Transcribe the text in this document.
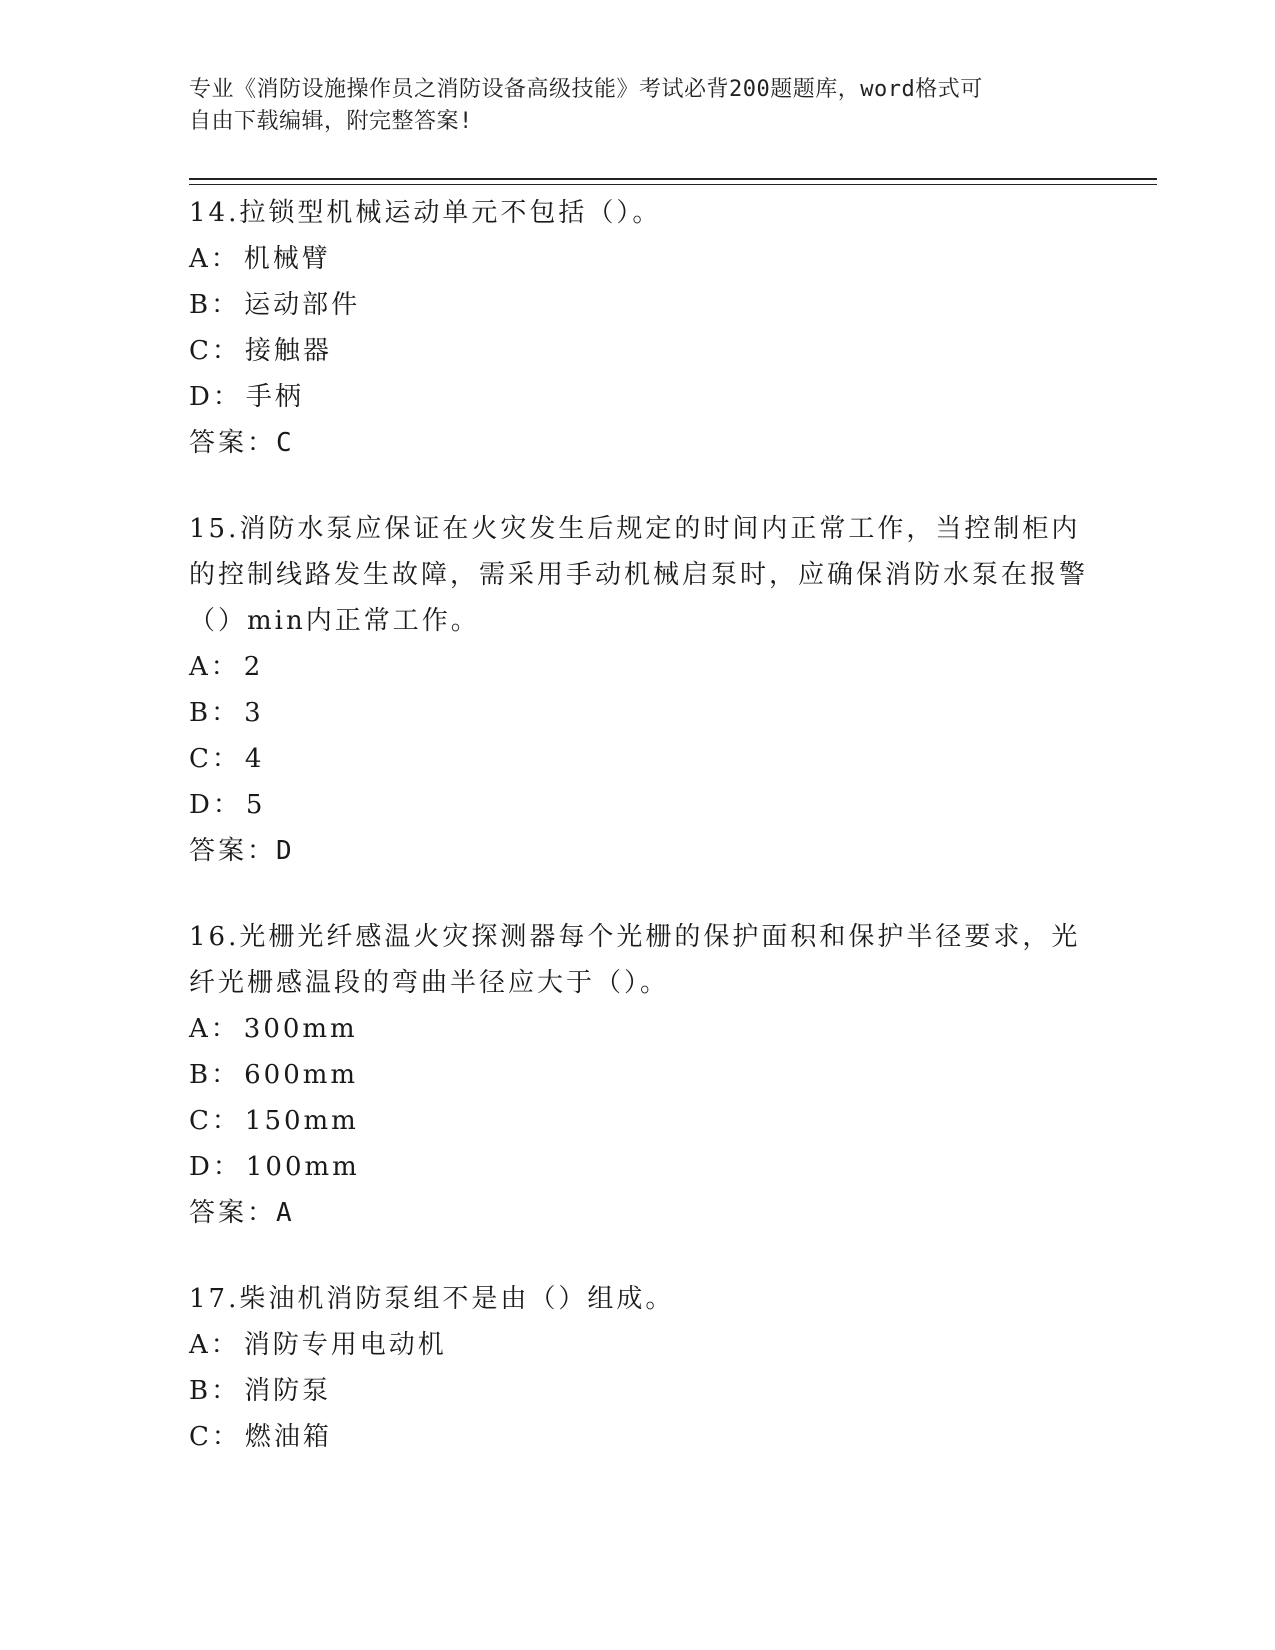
专业《消防设施操作员之消防设备高级技能》考试必背200题题库，word格式可
自由下载编辑，附完整答案!
14.拉锁型机械运动单元不包括（）。
A： 机械臂
B： 运动部件
C： 接触器
D： 手柄
答案：C
15.消防水泵应保证在火灾发生后规定的时间内正常工作，当控制柜内的控制线路发生故障，需采用手动机械启泵时，应确保消防水泵在报警（）min内正常工作。
A： 2
B： 3
C： 4
D： 5
答案：D
16.光栅光纤感温火灾探测器每个光栅的保护面积和保护半径要求，光纤光栅感温段的弯曲半径应大于（）。
A： 300mm
B： 600mm
C： 150mm
D： 100mm
答案：A
17.柴油机消防泵组不是由（）组成。
A： 消防专用电动机
B： 消防泵
C： 燃油箱
